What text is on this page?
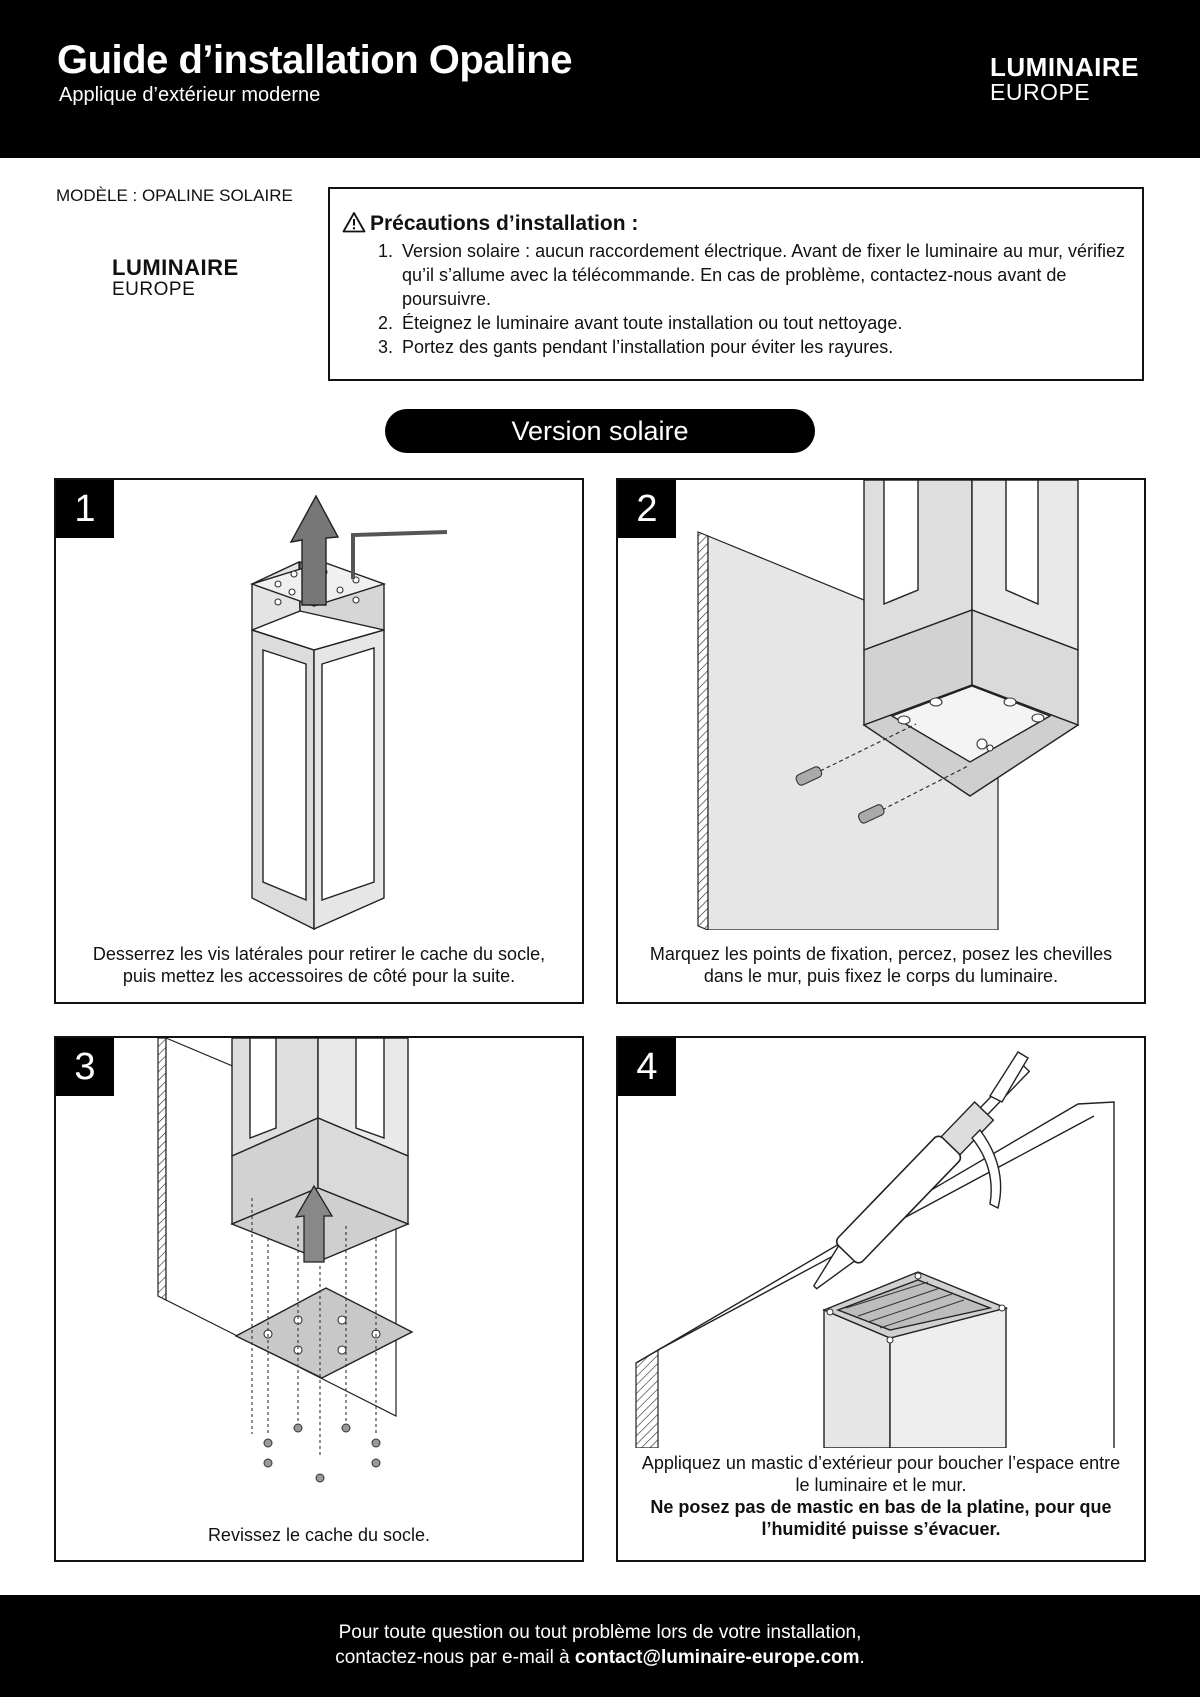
Guide d’installation Opaline
Applique d’extérieur moderne
LUMINAIRE
EUROPE
MODÈLE : OPALINE SOLAIRE
LUMINAIRE
EUROPE
Précautions d’installation :
1. Version solaire : aucun raccordement électrique. Avant de fixer le luminaire au mur, vérifiez qu’il s’allume avec la télécommande. En cas de problème, contactez-nous avant de poursuivre.
2. Éteignez le luminaire avant toute installation ou tout nettoyage.
3. Portez des gants pendant l’installation pour éviter les rayures.
Version solaire
1
Desserrez les vis latérales pour retirer le cache du socle, puis mettez les accessoires de côté pour la suite.
2
Marquez les points de fixation, percez, posez les chevilles dans le mur, puis fixez le corps du luminaire.
3
Revissez le cache du socle.
4
Appliquez un mastic d’extérieur pour boucher l’espace entre le luminaire et le mur.
Ne posez pas de mastic en bas de la platine, pour que l’humidité puisse s’évacuer.
Pour toute question ou tout problème lors de votre installation,
contactez-nous par e-mail à contact@luminaire-europe.com.
